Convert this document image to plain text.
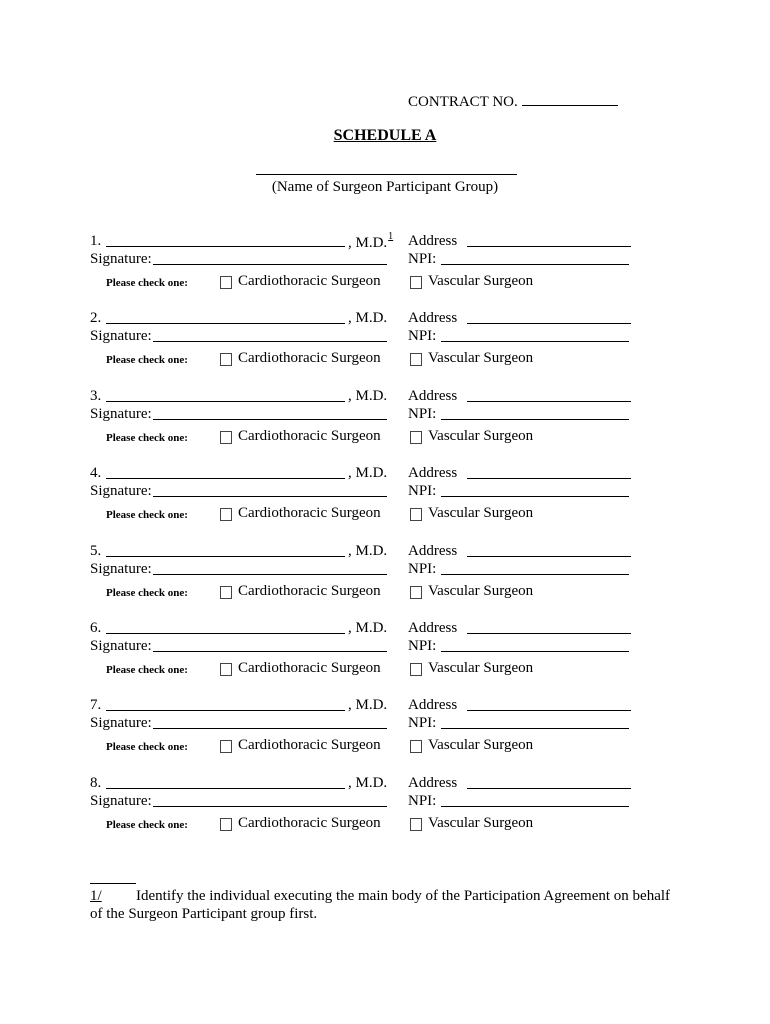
CONTRACT NO.
SCHEDULE A
(Name of Surgeon Participant Group)
1.	, M.D.$^1$ Address
Signature:	NPI:
Please check one:	Cardiothoracic Surgeon	Vascular Surgeon
2.	, M.D. Address
Signature:	NPI:
Please check one:	Cardiothoracic Surgeon	Vascular Surgeon
3.	, M.D. Address
Signature:	NPI:
Please check one:	Cardiothoracic Surgeon	Vascular Surgeon
4.	, M.D. Address
Signature:	NPI:
Please check one:	Cardiothoracic Surgeon	Vascular Surgeon
5.	, M.D. Address
Signature:	NPI:
Please check one:	Cardiothoracic Surgeon	Vascular Surgeon
6.	, M.D. Address
Signature:	NPI:
Please check one:	Cardiothoracic Surgeon	Vascular Surgeon
7.	, M.D. Address
Signature:	NPI:
Please check one:	Cardiothoracic Surgeon	Vascular Surgeon
8.	, M.D. Address
Signature:	NPI:
Please check one:	Cardiothoracic Surgeon	Vascular Surgeon
1/ Identify the individual executing the main body of the Participation Agreement on behalf
of the Surgeon Participant group first.
